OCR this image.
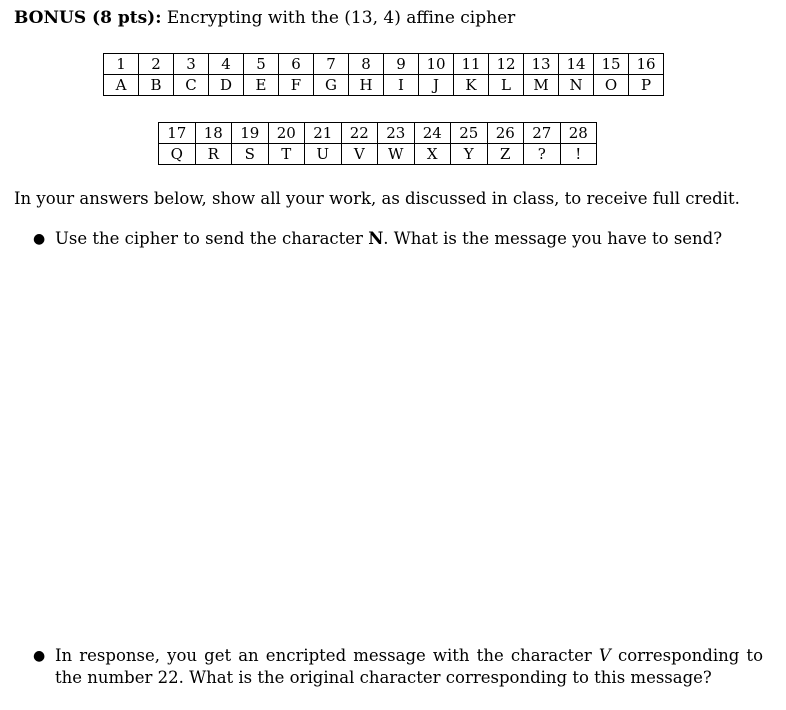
BONUS (8 pts): Encrypting with the (13, 4) affine cipher
1	2	3	4	5	6	7	8	9	10	11	12	13	14	15	16
A	B	C	D	E	F	G	H	I	J	K	L	M	N	O	P
17	18	19	20	21	22	23	24	25	26	27	28
Q	R	S	T	U	V	W	X	Y	Z	?	!
In your answers below, show all your work, as discussed in class, to receive full credit.
● Use the cipher to send the character N. What is the message you have to send?
● In response, you get an encripted message with the character V corresponding to the number 22. What is the original character corresponding to this message?
